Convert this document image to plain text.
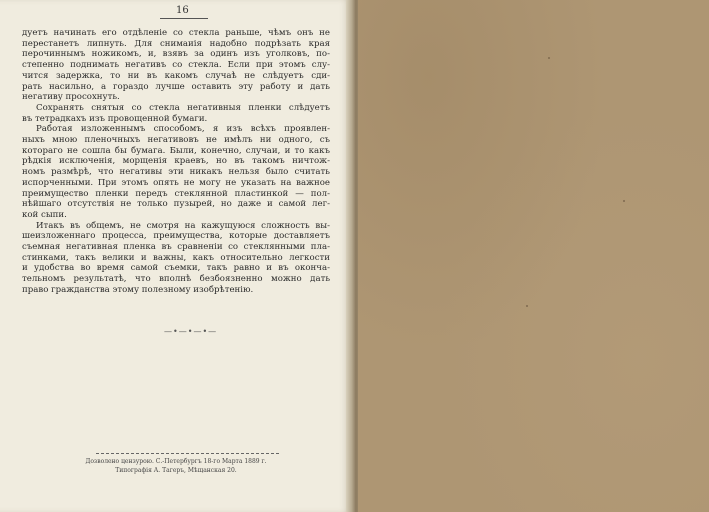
16

дуетъ начинать его отдѣленіе со стекла раньше, чѣмъ онъ не
перестанетъ липнуть. Для снимаиія надобно подрѣзать края
перочиннымъ ножикомъ, и, взявъ за одинъ изъ уголковъ, по-
степенно поднимать негативъ со стекла. Если при этомъ слу-
чится задержка, то ни въ какомъ случаѣ не слѣдуетъ сди-
рать насильно, а гораздо лучше оставить эту работу и дать
негативу просохнуть.

Сохранять снятыя со стекла негативныя пленки слѣдуетъ
въ тетрадкахъ изъ провощенной бумаги.

Работая изложеннымъ способомъ, я изъ всѣхъ проявлен-
ныхъ мною пленочныхъ негативовъ не имѣлъ ни одного, съ
котораго не сошла бы бумага. Были, конечно, случаи, и то какъ
рѣдкія исключенія, морщенія краевъ, но въ такомъ ничтож-
номъ размѣрѣ, что негативы эти никакъ нельзя было считать
испорченными. При этомъ опять не могу не указать на важное
преимущество пленки передъ стеклянной пластинкой — пол-
нѣйшаго отсутствія не только пузырей, но даже и самой лег-
кой сыпи.

Итакъ въ общемъ, не смотря на кажущуюся сложность вы-
шеизложеннаго процесса, преимущества, которые доставляетъ
съемная негативная пленка въ сравненіи со стеклянными пла-
стинками, такъ велики и важны, какъ относительно легкости
и удобства во время самой съемки, такъ равно и въ оконча-
тельномъ результатѣ, что вполнѣ безбоязненно можно дать
право гражданства этому полезному изобрѣтенію.

—•—•—•—
Дозволено цензурою. С.-Петербургъ 18-го Марта 1889 г.
Типографія А. Тагеръ, Мѣщанская 20.
